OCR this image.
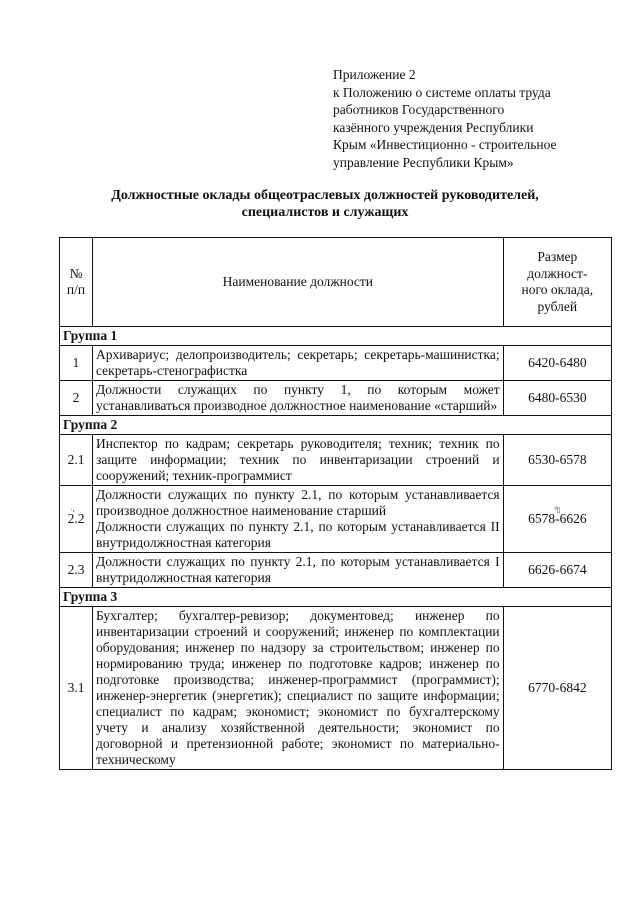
Приложение 2
к Положению о системе оплаты труда
работников Государственного
казённого учреждения Республики
Крым «Инвестиционно - строительное
управление Республики Крым»
Должностные оклады общеотраслевых должностей руководителей,
специалистов и служащих
№ п/п	Наименование должности	Размер должност-ного оклада, рублей
Группа 1		
1	Архивариус; делопроизводитель; секретарь; секретарь-машинистка; секретарь-стенографистка	6420-6480
2	Должности служащих по пункту 1, по которым может устанавливаться производное должностное наименование «старший»	6480-6530
Группа 2		
2.1	Инспектор по кадрам; секретарь руководителя; техник; техник по защите информации; техник по инвентаризации строений и сооружений; техник-программист	6530-6578
2.2	Должности служащих по пункту 2.1, по которым устанавливается производное должностное наименование старший
Должности служащих по пункту 2.1, по которым устанавливается II внутридолжностная категория	6578-6626
2.3	Должности служащих по пункту 2.1, по которым устанавливается I внутридолжностная категория	6626-6674
Группа 3		
3.1	Бухгалтер; бухгалтер-ревизор; документовед; инженер по инвентаризации строений и сооружений; инженер по комплектации оборудования; инженер по надзору за строительством; инженер по нормированию труда; инженер по подготовке кадров; инженер по подготовке производства; инженер-программист (программист); инженер-энергетик (энергетик); специалист по защите информации; специалист по кадрам; экономист; экономист по бухгалтерскому учету и анализу хозяйственной деятельности; экономист по договорной и претензионной работе; экономист по материально-техническому	6770-6842
˒,	ၛ
